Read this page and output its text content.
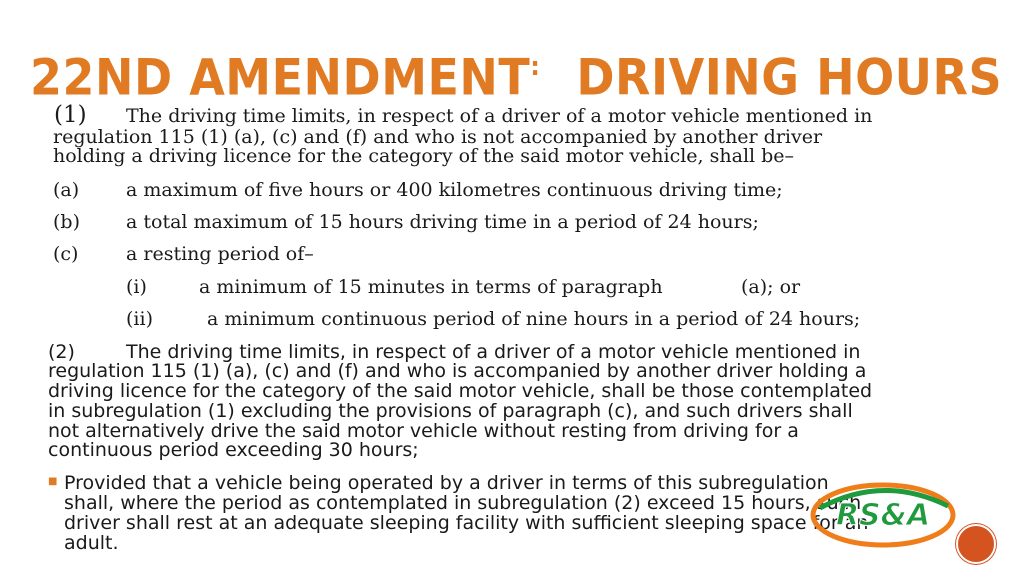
22ND AMENDMENT: DRIVING HOURS
(1) The driving time limits, in respect of a driver of a motor vehicle mentioned in
regulation 115 (1) (a), (c) and (f) and who is not accompanied by another driver
holding a driving licence for the category of the said motor vehicle, shall be–
(a) a maximum of five hours or 400 kilometres continuous driving time;
(b) a total maximum of 15 hours driving time in a period of 24 hours;
(c)	a resting period of–
(i)	a minimum of 15 minutes in terms of paragraph	(a); or
(ii)	a minimum continuous period of nine hours in a period of 24 hours;
(2)	The driving time limits, in respect of a driver of a motor vehicle mentioned in
regulation 115 (1) (a), (c) and (f) and who is accompanied by another driver holding a
driving licence for the category of the said motor vehicle, shall be those contemplated
in subregulation (1) excluding the provisions of paragraph (c), and such drivers shall
not alternatively drive the said motor vehicle without resting from driving for a
continuous period exceeding 30 hours;
■ Provided that a vehicle being operated by a driver in terms of this subregulation
shall, where the period as contemplated in subregulation (2) exceed 15 hours, such
driver shall rest at an adequate sleeping facility with sufficient sleeping space for an
adult.
RS&A
